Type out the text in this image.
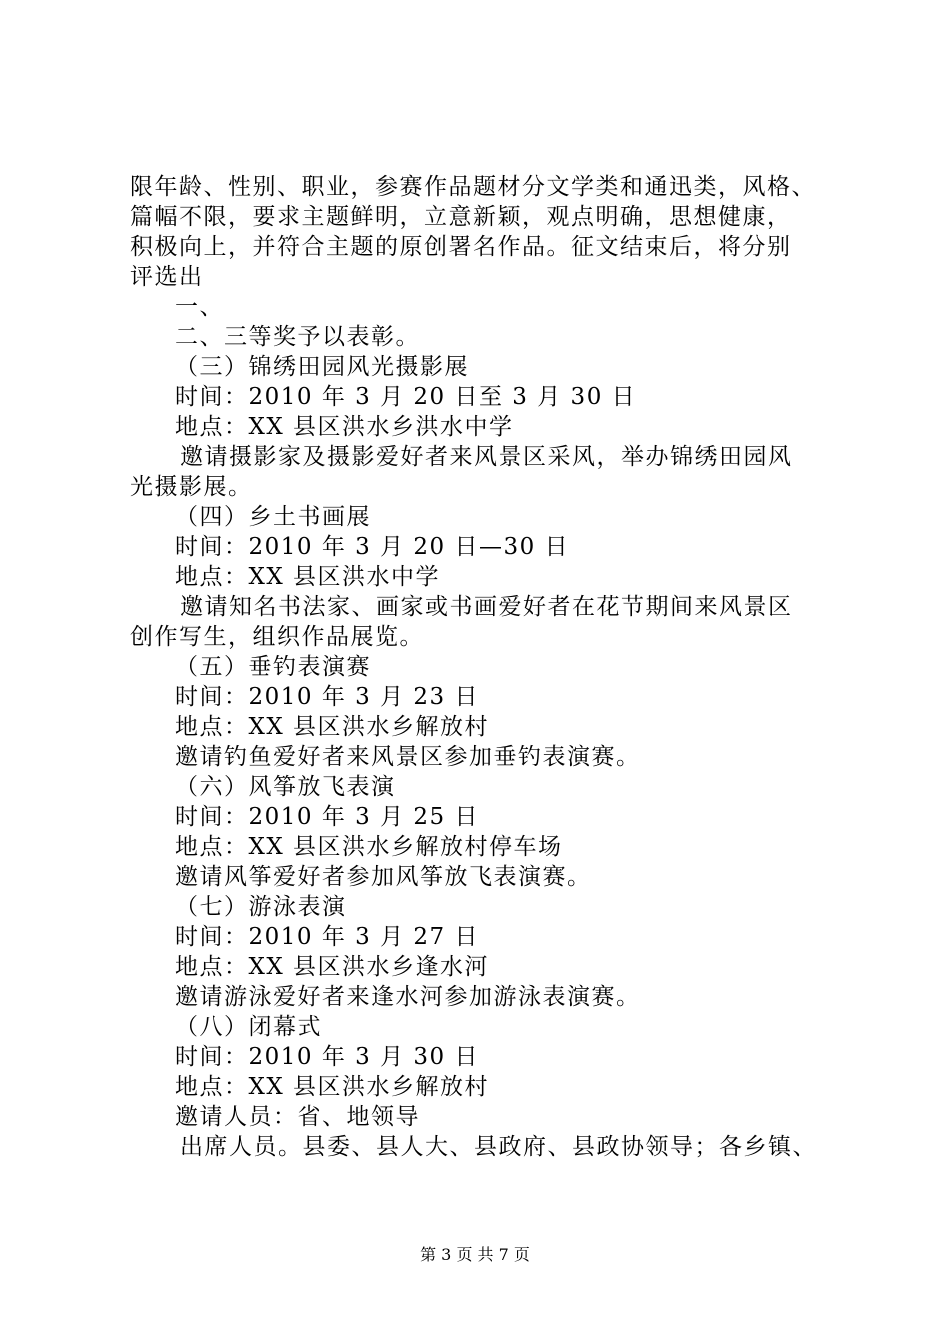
限年龄、性别、职业，参赛作品题材分文学类和通迅类，风格、
篇幅不限，要求主题鲜明，立意新颖，观点明确，思想健康，
积极向上，并符合主题的原创署名作品。征文结束后，将分别
评选出
一、
二、三等奖予以表彰。
（三）锦绣田园风光摄影展
时间：2010 年 3 月 20 日至 3 月 30 日
地点：XX 县区洪水乡洪水中学
邀请摄影家及摄影爱好者来风景区采风，举办锦绣田园风
光摄影展。
（四）乡土书画展
时间：2010 年 3 月 20 日—30 日
地点：XX 县区洪水中学
邀请知名书法家、画家或书画爱好者在花节期间来风景区
创作写生，组织作品展览。
（五）垂钓表演赛
时间：2010 年 3 月 23 日
地点：XX 县区洪水乡解放村
邀请钓鱼爱好者来风景区参加垂钓表演赛。
（六）风筝放飞表演
时间：2010 年 3 月 25 日
地点：XX 县区洪水乡解放村停车场
邀请风筝爱好者参加风筝放飞表演赛。
（七）游泳表演
时间：2010 年 3 月 27 日
地点：XX 县区洪水乡逢水河
邀请游泳爱好者来逢水河参加游泳表演赛。
（八）闭幕式
时间：2010 年 3 月 30 日
地点：XX 县区洪水乡解放村
邀请人员：省、地领导
出席人员。县委、县人大、县政府、县政协领导；各乡镇、
第 3 页 共 7 页
